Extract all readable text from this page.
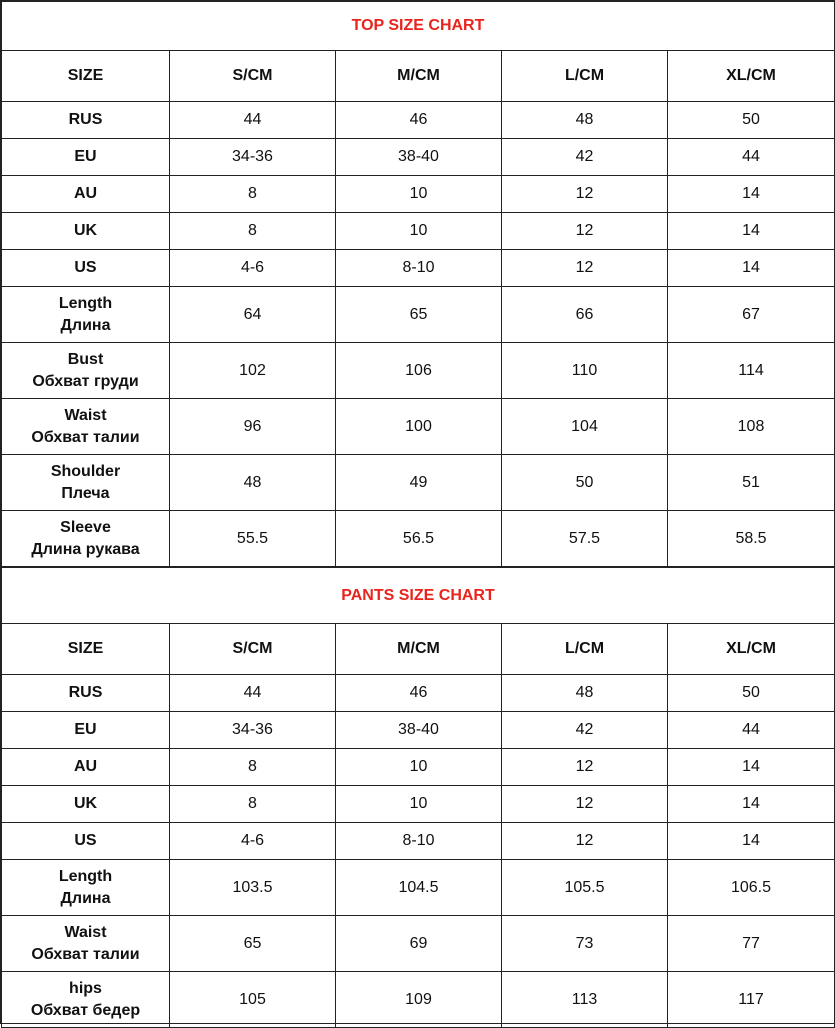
TOP SIZE CHART				
SIZE	S/CM	M/CM	L/CM	XL/CM

RUS	44	46	48	50

EU	34-36	38-40	42	44

AU	8	10	12	14

UK	8	10	12	14

US	4-6	8-10	12	14

Length
Длина	64	65	66	67

Bust
Обхват груди	102	106	110	114

Waist
Обхват талии	96	100	104	108

Shoulder
Плеча	48	49	50	51

Sleeve
Длина рукава	55.5	56.5	57.5	58.5
PANTS SIZE CHART				
SIZE	S/CM	M/CM	L/CM	XL/CM

RUS	44	46	48	50

EU	34-36	38-40	42	44

AU	8	10	12	14

UK	8	10	12	14

US	4-6	8-10	12	14

Length
Длина	103.5	104.5	105.5	106.5

Waist
Обхват талии	65	69	73	77

hips
Обхват бедер	105	109	113	117
